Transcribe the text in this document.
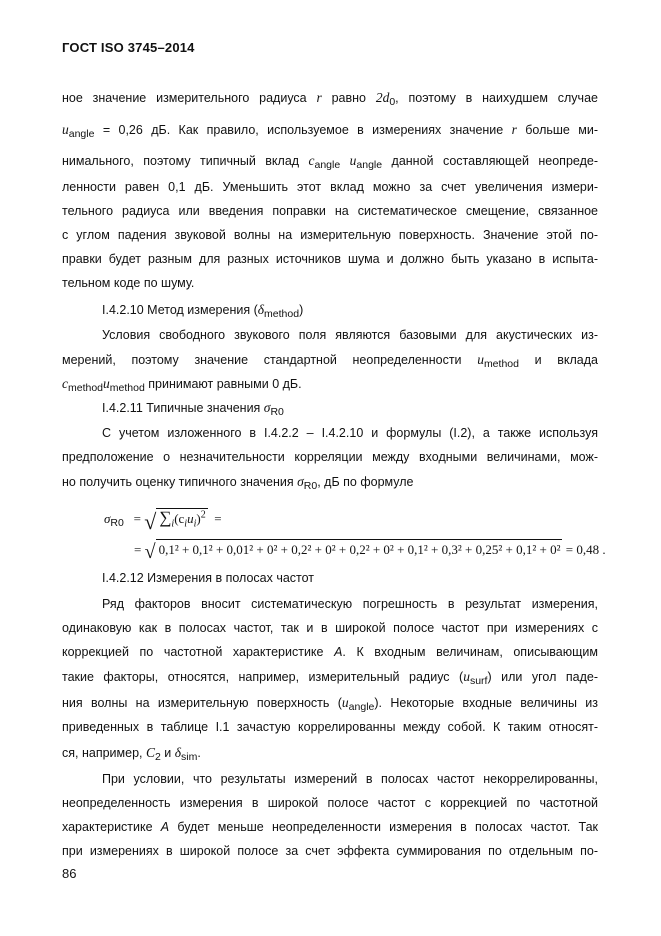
ГОСТ ISO 3745–2014
ное значение измерительного радиуса r равно $2d_0$, поэтому в наихудшем случае
$u_{angle} = 0,26$ дБ. Как правило, используемое в измерениях значение r больше ми-
нимального, поэтому типичный вклад $c_{angle}$ $u_{angle}$ данной составляющей неопреде-
ленности равен 0,1 дБ. Уменьшить этот вклад можно за счет увеличения измери-
тельного радиуса или введения поправки на систематическое смещение, связанное
с углом падения звуковой волны на измерительную поверхность. Значение этой по-
правки будет разным для разных источников шума и должно быть указано в испыта-
тельном коде по шуму.
I.4.2.10 Метод измерения $(\delta_{method})$
Условия свободного звукового поля являются базовыми для акустических из-
мерений, поэтому значение стандартной неопределенности $u_{method}$ и вклада
$c_{method}u_{method}$ принимают равными 0 дБ.
I.4.2.11 Типичные значения $\sigma_{R0}$
С учетом изложенного в I.4.2.2 – I.4.2.10 и формулы (I.2), а также используя
предположение о незначительности корреляции между входными величинами, мож-
но получить оценку типичного значения $\sigma_{R0}$, дБ по формуле
$\sigma_{R0}$ = √ $\sum_i(c_iu_i)^2$ =
= √ 0,1² + 0,1² + 0,01² + 0² + 0,2² + 0² + 0,2² + 0² + 0,1² + 0,3² + 0,25² + 0,1² + 0² = 0,48 .
I.4.2.12 Измерения в полосах частот
Ряд факторов вносит систематическую погрешность в результат измерения,
одинаковую как в полосах частот, так и в широкой полосе частот при измерениях с
коррекцией по частотной характеристике А. К входным величинам, описывающим
такие факторы, относятся, например, измерительный радиус $(u_{surf})$ или угол паде-
ния волны на измерительную поверхность $(u_{angle})$. Некоторые входные величины из
приведенных в таблице I.1 зачастую коррелированны между собой. К таким относят-
ся, например, $C_2$ и $\delta_{sim}$.
При условии, что результаты измерений в полосах частот некоррелированны,
неопределенность измерения в широкой полосе частот с коррекцией по частотной
характеристике А будет меньше неопределенности измерения в полосах частот. Так
при измерениях в широкой полосе за счет эффекта суммирования по отдельным по-
86
